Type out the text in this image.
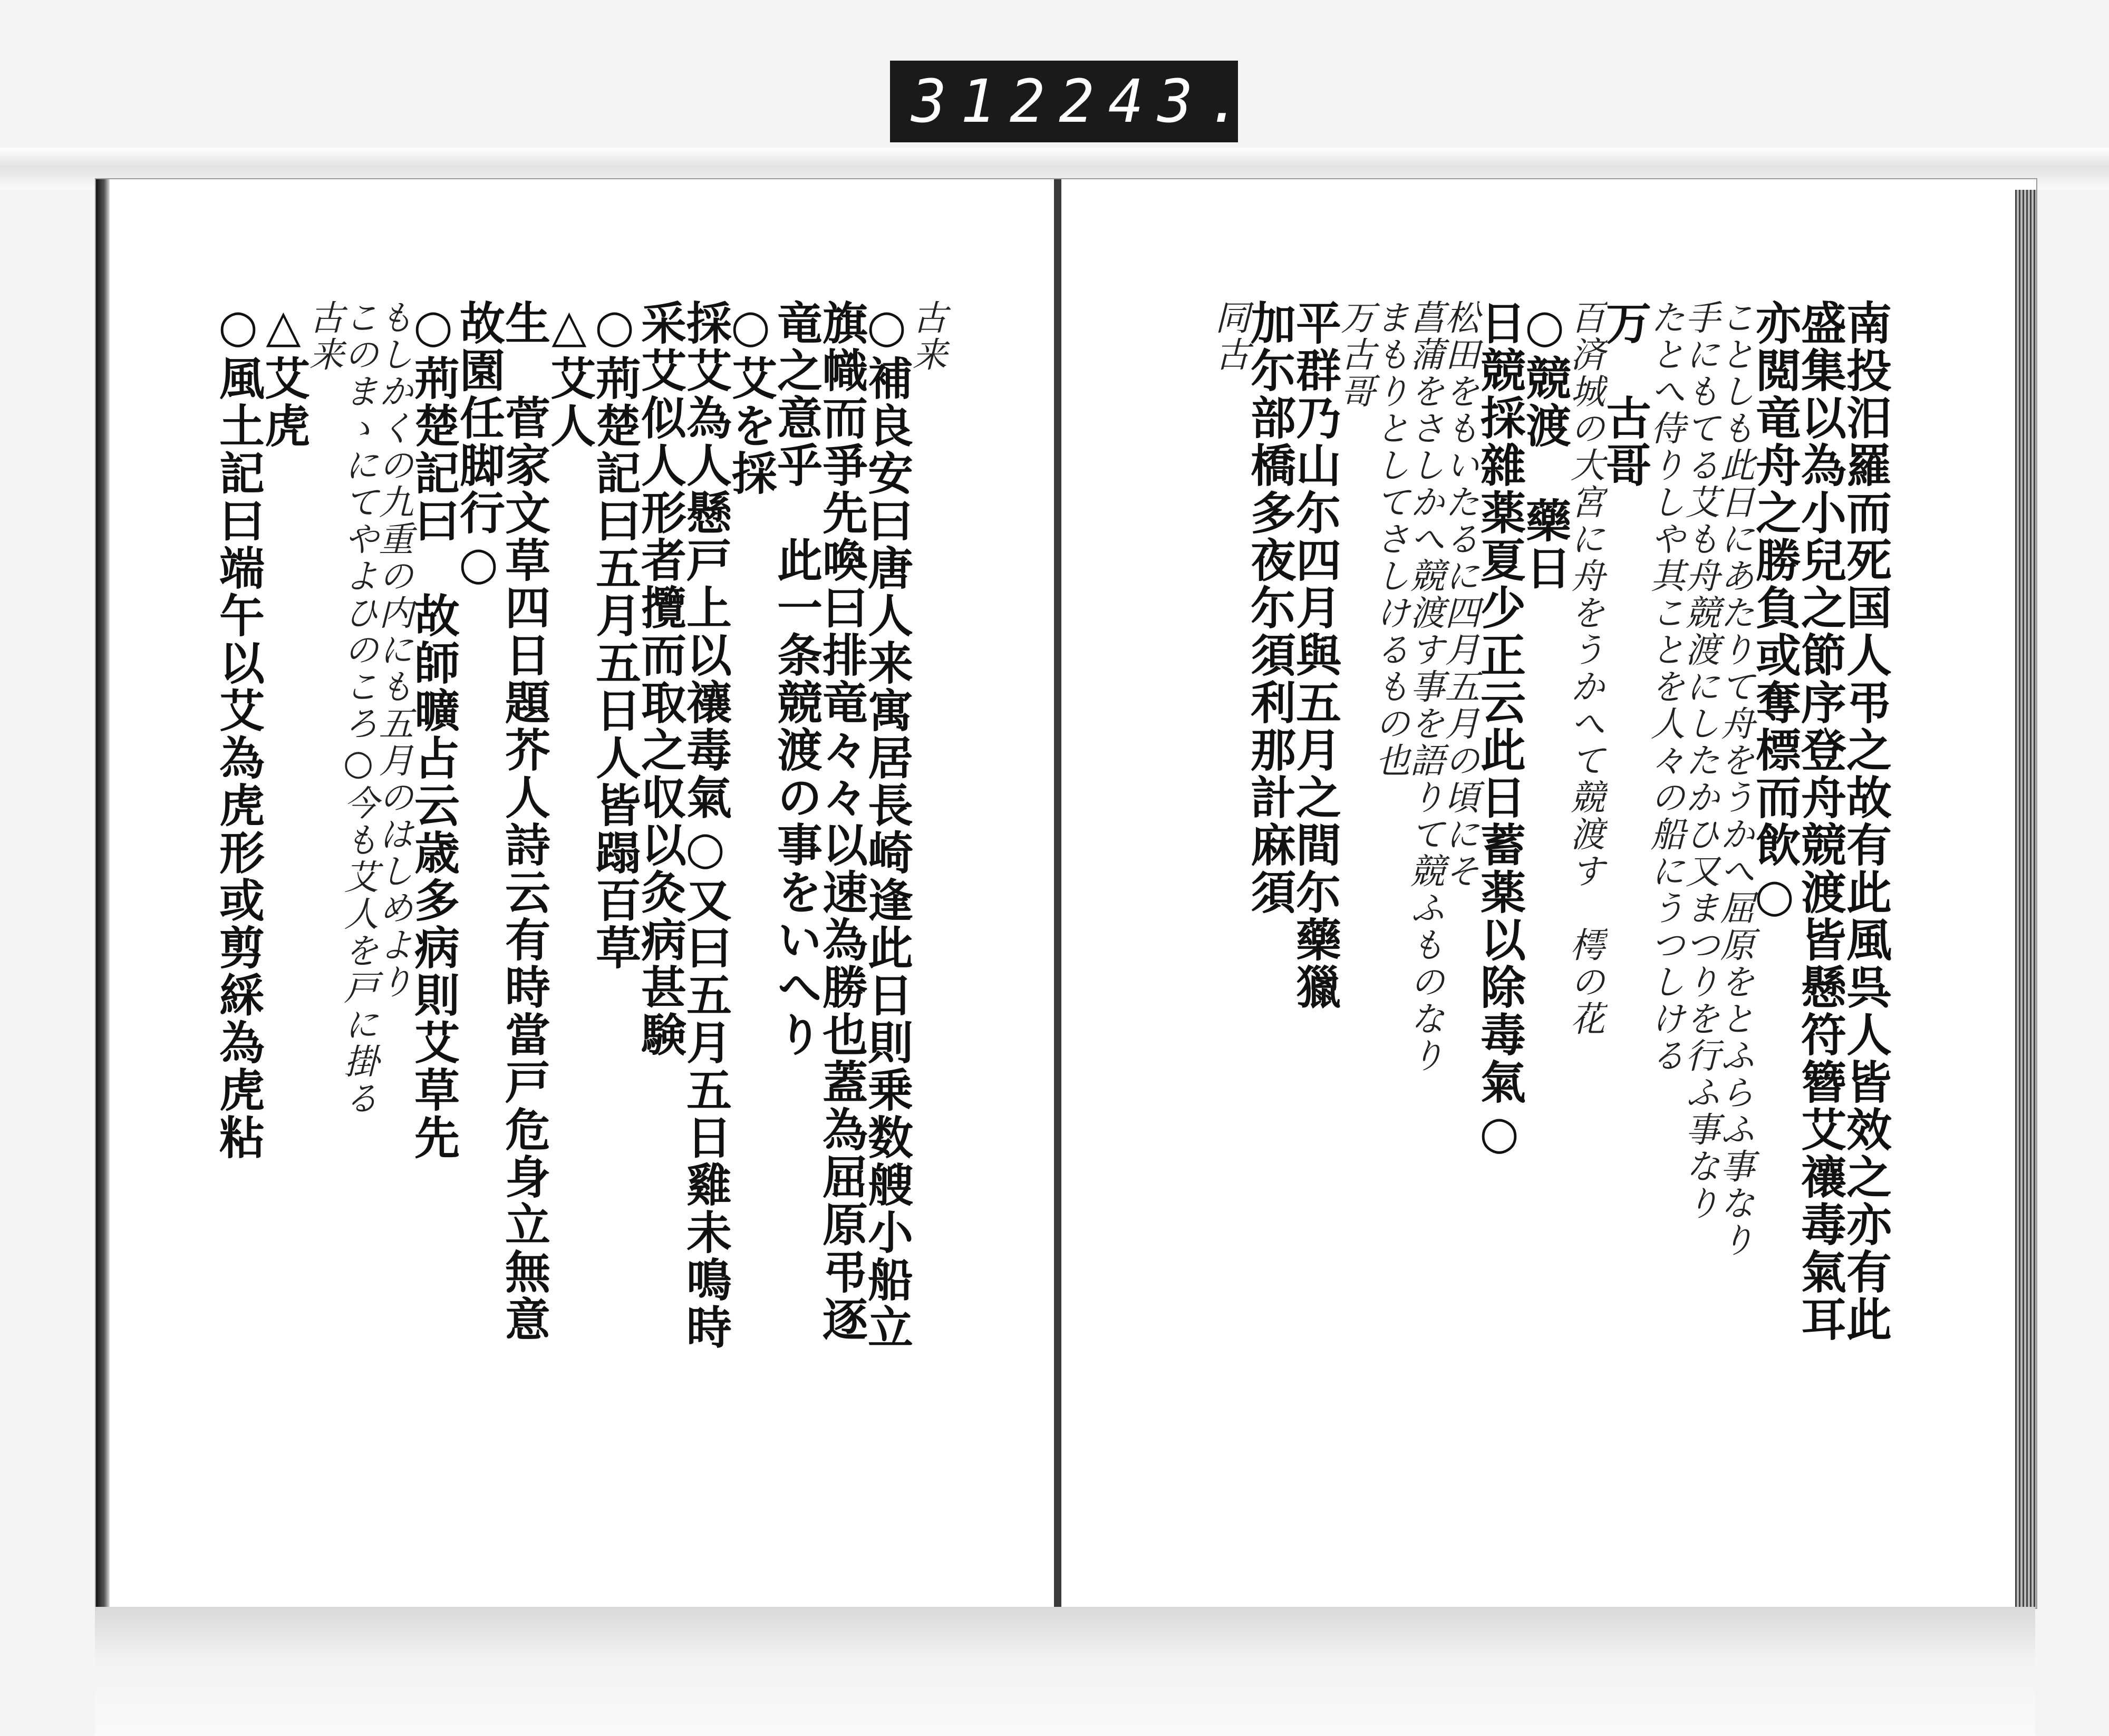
312 243.
南投汨羅而死国人弔之故有此風呉人皆效之亦有此
盛集以為小兒之節序登舟競渡皆懸符簪艾禳毒氣耳
亦閲竜舟之勝負或奪標而飲○
ことしも此日にあたりて舟をうかへ屈原をとふらふ事なり
手にもてる艾も舟競渡にしたかひ又まつりを行ふ事なり
たとへ侍りしや其ことを人々の船にうつしける
万　古哥
百済城の大宮に舟をうかへて競渡す　樗の花
○競渡　藥日
日競採雜薬夏少正云此日蓄薬以除毒氣○
松田をもいたるに四月五月の頃にそ
菖蒲をさしかへ競渡す事を語りて競ふものなり
まもりとしてさしけるもの也
万古哥
平群乃山尓四月與五月之間尓藥獵
加尓部橋多夜尓須利那計麻須
同古
古来
○補良安曰唐人来寓居長崎逢此日則乗数艘小船立
旗幟而爭先喚曰排竜々々以速為勝也蓋為屈原弔逐
竜之意乎　此一条競渡の事をいへり
○艾を採
採艾為人懸戸上以禳毒氣○又曰五月五日雞未鳴時
采艾似人形者攬而取之収以灸病甚験
○荊楚記曰五月五日人皆蹋百草
△艾人
生　菅家文草四日題芥人詩云有時當戸危身立無意
故園任脚行○
○荊楚記曰　故師曠占云歳多病則艾草先
もしかくの九重の内にも五月のはしめより
このまゝにてやよひのころ○今も艾人を戸に掛る
古来
△艾虎
○風土記曰端午以艾為虎形或剪綵為虎粘
